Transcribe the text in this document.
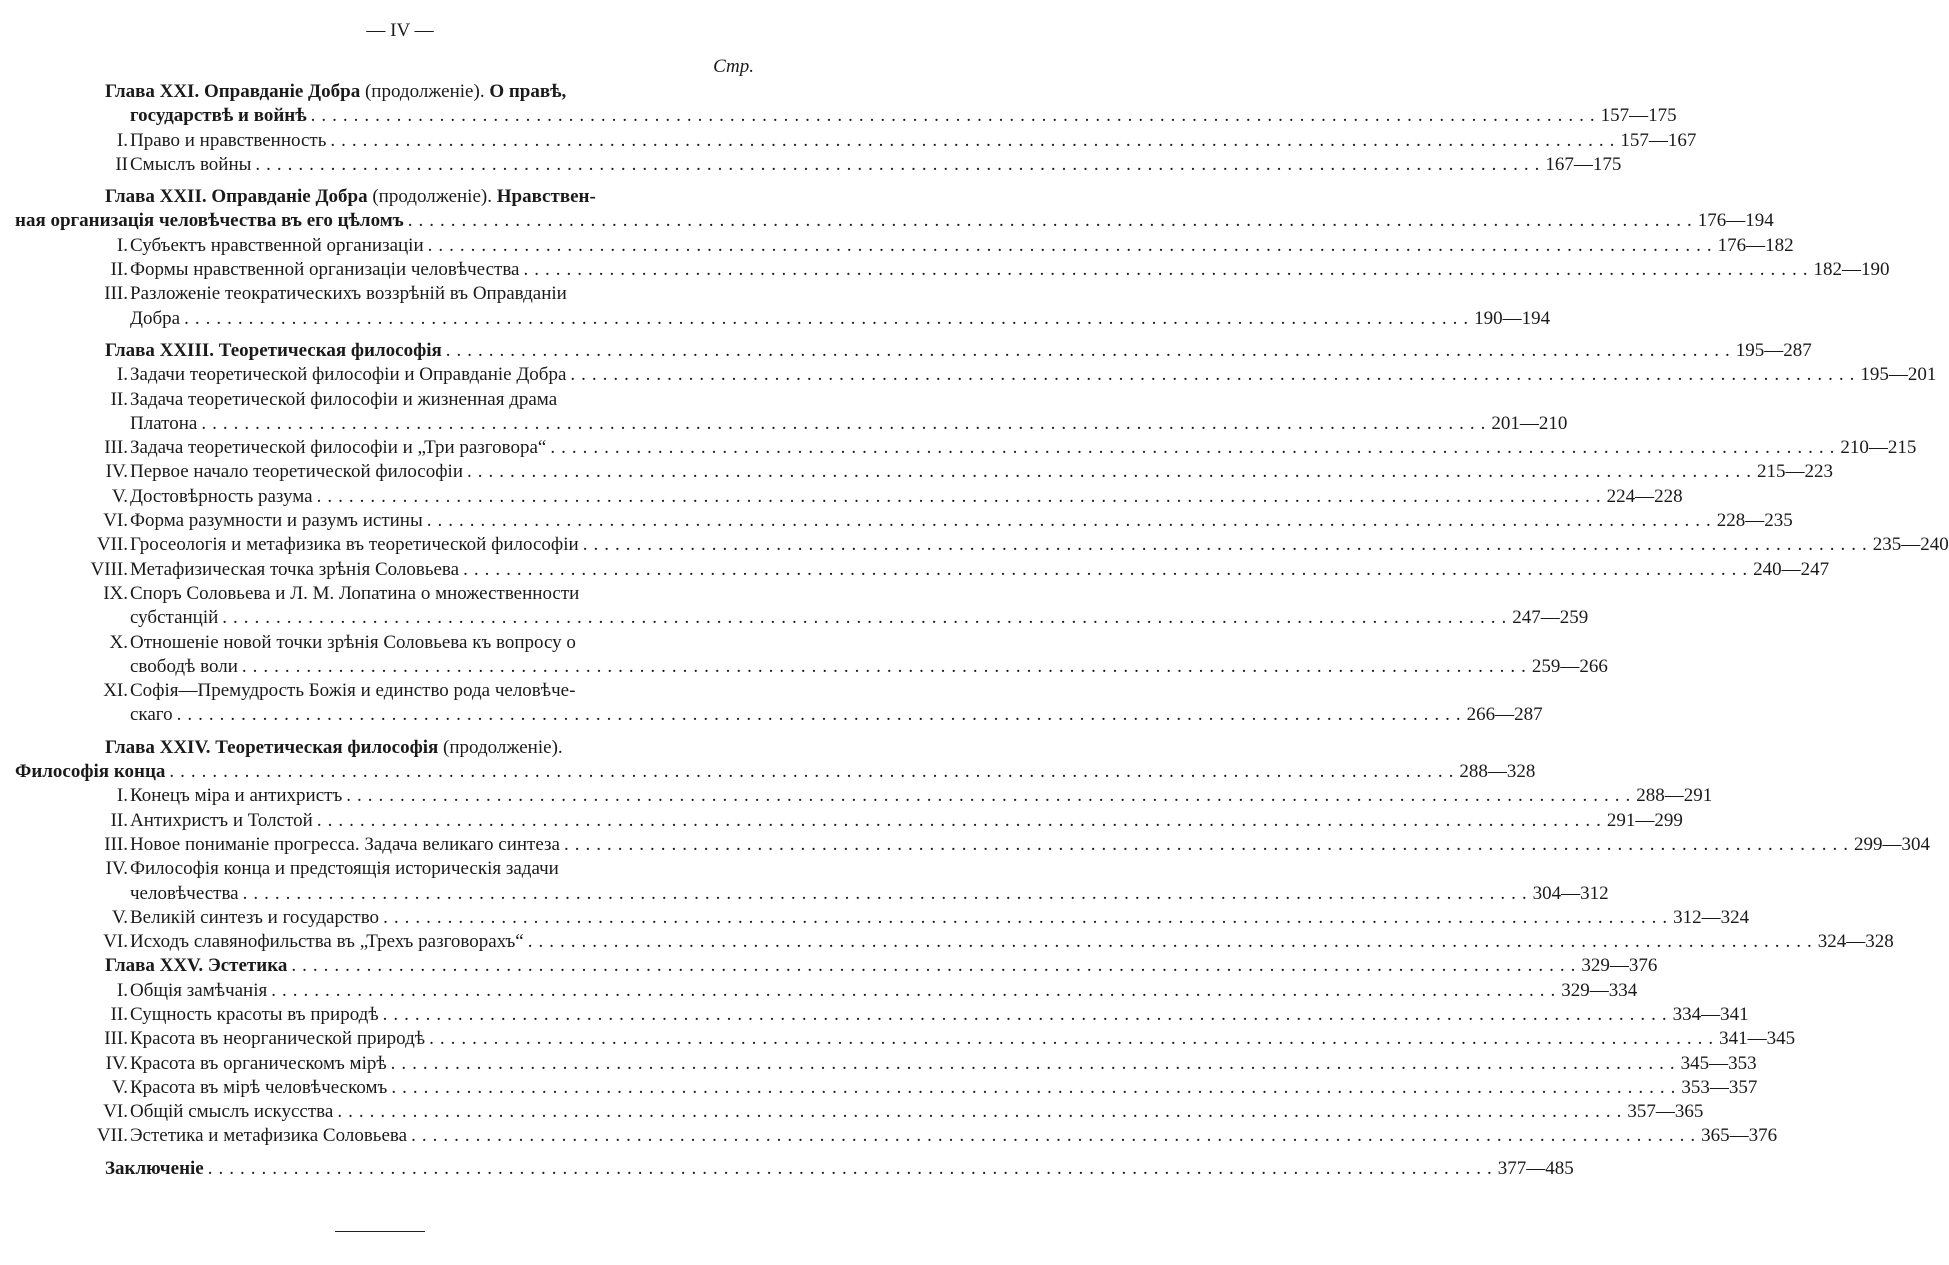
— IV —
Стр.
Глава XXI. Оправданіе Добра (продолженіе). О правѣ,
государствѣ и войнѣ ........................................................................................................................ 157—175
I. Право и нравственность ........................................................................................................................ 157—167
II Смыслъ войны ........................................................................................................................ 167—175
Глава XXII. Оправданіе Добра (продолженіе). Нравствен-
ная организація человѣчества въ его цѣломъ ........................................................................................................................ 176—194
I. Субъектъ нравственной организаціи ........................................................................................................................ 176—182
II. Формы нравственной организаціи человѣчества ........................................................................................................................ 182—190
III. Разложеніе теократическихъ воззрѣній въ Оправданіи
Добра ........................................................................................................................ 190—194
Глава XXIII. Теоретическая философія ........................................................................................................................ 195—287
I. Задачи теоретической философіи и Оправданіе Добра ........................................................................................................................ 195—201
II. Задача теоретической философіи и жизненная драма
Платона ........................................................................................................................ 201—210
III. Задача теоретической философіи и „Три разговора“ ........................................................................................................................ 210—215
IV. Первое начало теоретической философіи ........................................................................................................................ 215—223
V. Достовѣрность разума ........................................................................................................................ 224—228
VI. Форма разумности и разумъ истины ........................................................................................................................ 228—235
VII. Гросеологія и метафизика въ теоретической философіи ........................................................................................................................ 235—240
VIII. Метафизическая точка зрѣнія Соловьева ........................................................................................................................ 240—247
IX. Споръ Соловьева и Л. М. Лопатина о множественности
субстанцій ........................................................................................................................ 247—259
X. Отношеніе новой точки зрѣнія Соловьева къ вопросу о
свободѣ воли ........................................................................................................................ 259—266
XI. Софія—Премудрость Божія и единство рода человѣче-
скаго ........................................................................................................................ 266—287
Глава XXIV. Теоретическая философія (продолженіе).
Философія конца ........................................................................................................................ 288—328
I. Конецъ міра и антихристъ ........................................................................................................................ 288—291
II. Антихристъ и Толстой ........................................................................................................................ 291—299
III. Новое пониманіе прогресса. Задача великаго синтеза ........................................................................................................................ 299—304
IV. Философія конца и предстоящія историческія задачи
человѣчества ........................................................................................................................ 304—312
V. Великій синтезъ и государство ........................................................................................................................ 312—324
VI. Исходъ славянофильства въ „Трехъ разговорахъ“ ........................................................................................................................ 324—328
Глава XXV. Эстетика ........................................................................................................................ 329—376
I. Общія замѣчанія ........................................................................................................................ 329—334
II. Сущность красоты въ природѣ ........................................................................................................................ 334—341
III. Красота въ неорганической природѣ ........................................................................................................................ 341—345
IV. Красота въ органическомъ мірѣ ........................................................................................................................ 345—353
V. Красота въ мірѣ человѣческомъ ........................................................................................................................ 353—357
VI. Общій смыслъ искусства ........................................................................................................................ 357—365
VII. Эстетика и метафизика Соловьева ........................................................................................................................ 365—376
Заключеніе ........................................................................................................................ 377—485
